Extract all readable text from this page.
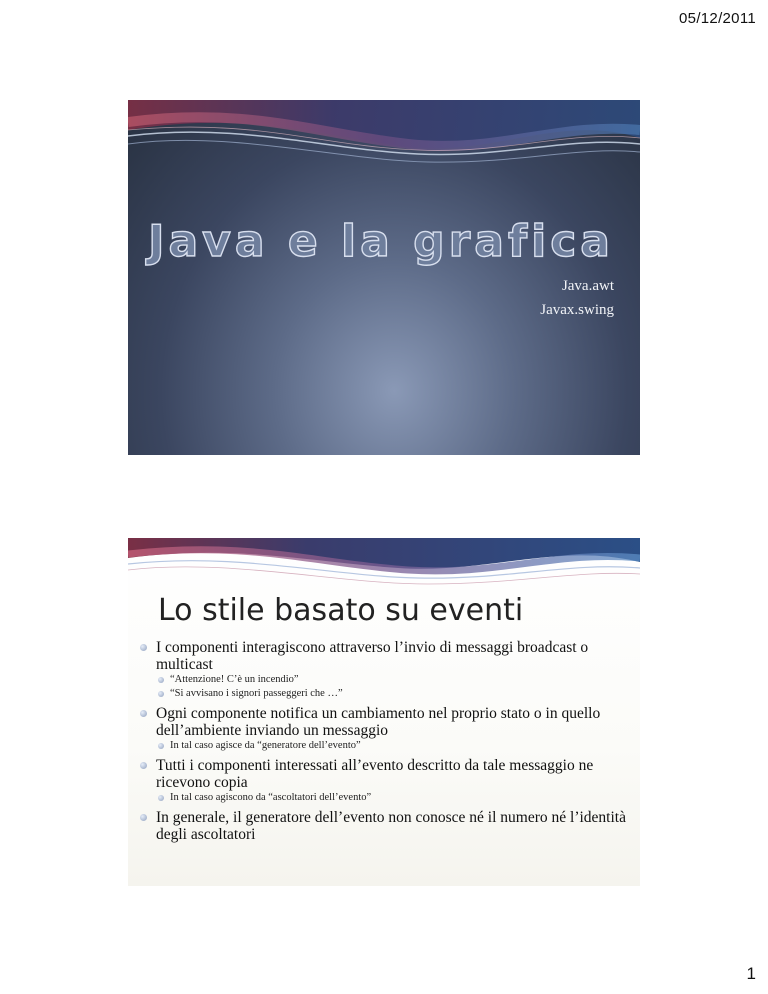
05/12/2011
Java e la grafica
Java.awt
Javax.swing
Lo stile basato su eventi
I componenti interagiscono attraverso l’invio di messaggi broadcast o multicast
“Attenzione! C’è un incendio”
“Si avvisano i signori passeggeri che …”
Ogni componente notifica un cambiamento nel proprio stato o in quello dell’ambiente inviando un messaggio
In tal caso agisce da “generatore dell’evento”
Tutti i componenti interessati all’evento descritto da tale messaggio ne ricevono copia
In tal caso agiscono da “ascoltatori dell’evento”
In generale, il generatore dell’evento non conosce né il numero né l’identità degli ascoltatori
1
